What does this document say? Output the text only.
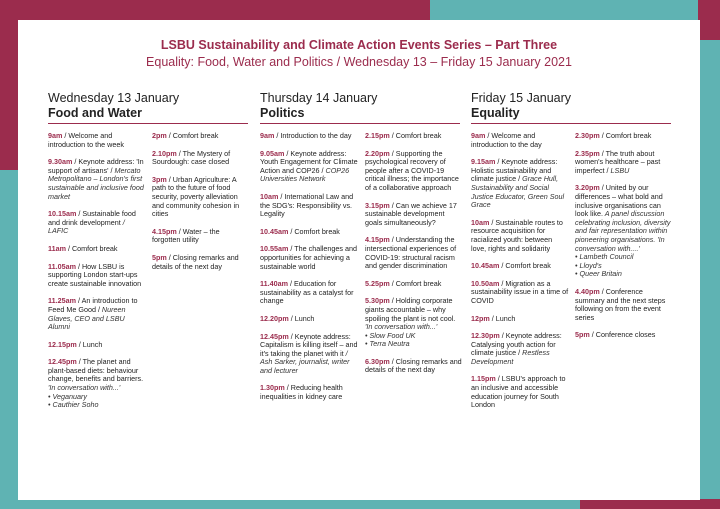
LSBU Sustainability and Climate Action Events Series – Part Three
Equality: Food, Water and Politics / Wednesday 13 – Friday 15 January 2021
Wednesday 13 January
Food and Water
Thursday 14 January
Politics
Friday 15 January
Equality
9am / Welcome and introduction to the week
9.30am / Keynote address: 'In support of artisans' / Mercato Metropolitano – London's first sustainable and inclusive food market
10.15am / Sustainable food and drink development / LAFIC
11am / Comfort break
11.05am / How LSBU is supporting London start-ups create sustainable innovation
11.25am / An introduction to Feed Me Good / Nureen Glaves, CEO and LSBU Alumni
12.15pm / Lunch
12.45pm / The planet and plant-based diets: behaviour change, benefits and barriers. 'In conversation with...'
• Veganuary
• Cauthier Soho
2pm / Comfort break
2.10pm / The Mystery of Sourdough: case closed
3pm / Urban Agriculture: A path to the future of food security, poverty alleviation and community cohesion in cities
4.15pm / Water – the forgotten utility
5pm / Closing remarks and details of the next day
9am / Introduction to the day
9.05am / Keynote address: Youth Engagement for Climate Action and COP26 / COP26 Universities Network
10am / International Law and the SDG's: Responsibility vs. Legality
10.45am / Comfort break
10.55am / The challenges and opportunities for achieving a sustainable world
11.40am / Education for sustainability as a catalyst for change
12.20pm / Lunch
12.45pm / Keynote address: Capitalism is killing itself – and it's taking the planet with it / Ash Sarker, journalist, writer and lecturer
1.30pm / Reducing health inequalities in kidney care
2.15pm / Comfort break
2.20pm / Supporting the psychological recovery of people after a COVID-19 critical illness; the importance of a collaborative approach
3.15pm / Can we achieve 17 sustainable development goals simultaneously?
4.15pm / Understanding the intersectional experiences of COVID-19: structural racism and gender discrimination
5.25pm / Comfort break
5.30pm / Holding corporate giants accountable – why spoiling the plant is not cool. 'In conversation with...'
• Slow Food UK
• Terra Neutra
6.30pm / Closing remarks and details of the next day
9am / Welcome and introduction to the day
9.15am / Keynote address: Holistic sustainability and climate justice / Grace Hull, Sustainability and Social Justice Educator, Green Soul Grace
10am / Sustainable routes to resource acquisition for racialized youth: between love, rights and solidarity
10.45am / Comfort break
10.50am / Migration as a sustainability issue in a time of COVID
12pm / Lunch
12.30pm / Keynote address: Catalysing youth action for climate justice / Restless Development
1.15pm / LSBU's approach to an inclusive and accessible education journey for South London
2.30pm / Comfort break
2.35pm / The truth about women's healthcare – past imperfect / LSBU
3.20pm / United by our differences – what bold and inclusive organisations can look like. A panel discussion celebrating inclusion, diversity and fair representation within pioneering organisations. 'In conversation with....'
• Lambeth Council
• Lloyd's
• Queer Britain
4.40pm / Conference summary and the next steps following on from the event series
5pm / Conference closes
